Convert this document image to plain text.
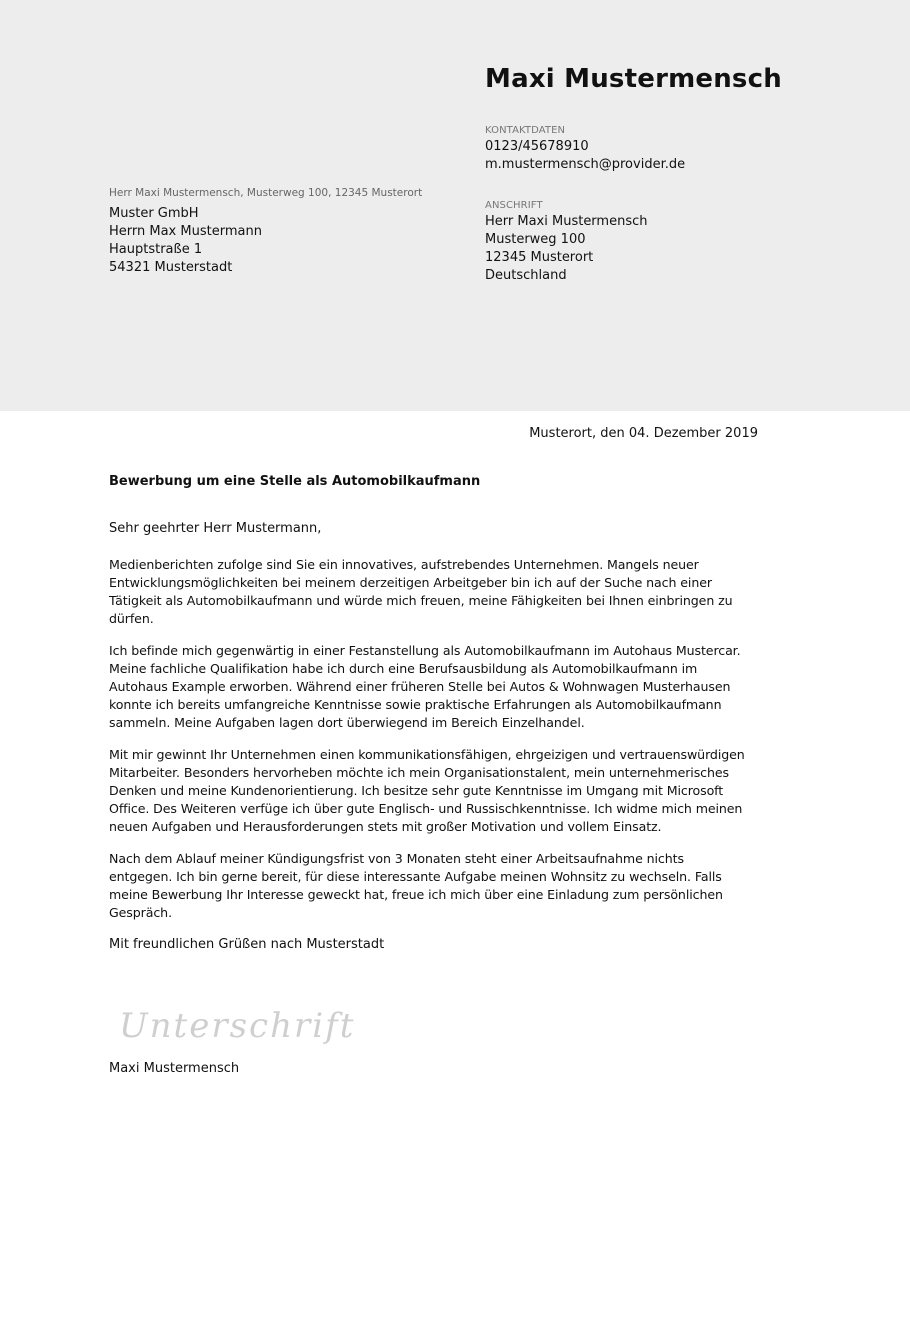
Maxi Mustermensch
KONTAKTDATEN
0123/45678910
m.mustermensch@provider.de
ANSCHRIFT
Herr Maxi Mustermensch
Musterweg 100
12345 Musterort
Deutschland
Herr Maxi Mustermensch, Musterweg 100, 12345 Musterort
Muster GmbH
Herrn Max Mustermann
Hauptstraße 1
54321 Musterstadt
Musterort, den 04. Dezember 2019
Bewerbung um eine Stelle als Automobilkaufmann

Sehr geehrter Herr Mustermann,

Medienberichten zufolge sind Sie ein innovatives, aufstrebendes Unternehmen. Mangels neuer Entwicklungsmöglichkeiten bei meinem derzeitigen Arbeitgeber bin ich auf der Suche nach einer Tätigkeit als Automobilkaufmann und würde mich freuen, meine Fähigkeiten bei Ihnen einbringen zu dürfen.

Ich befinde mich gegenwärtig in einer Festanstellung als Automobilkaufmann im Autohaus Mustercar. Meine fachliche Qualifikation habe ich durch eine Berufsausbildung als Automobilkaufmann im Autohaus Example erworben. Während einer früheren Stelle bei Autos & Wohnwagen Musterhausen konnte ich bereits umfangreiche Kenntnisse sowie praktische Erfahrungen als Automobilkaufmann sammeln. Meine Aufgaben lagen dort überwiegend im Bereich Einzelhandel.

Mit mir gewinnt Ihr Unternehmen einen kommunikationsfähigen, ehrgeizigen und vertrauenswürdigen Mitarbeiter. Besonders hervorheben möchte ich mein Organisationstalent, mein unternehmerisches Denken und meine Kundenorientierung. Ich besitze sehr gute Kenntnisse im Umgang mit Microsoft Office. Des Weiteren verfüge ich über gute Englisch- und Russischkenntnisse. Ich widme mich meinen neuen Aufgaben und Herausforderungen stets mit großer Motivation und vollem Einsatz.

Nach dem Ablauf meiner Kündigungsfrist von 3 Monaten steht einer Arbeitsaufnahme nichts entgegen. Ich bin gerne bereit, für diese interessante Aufgabe meinen Wohnsitz zu wechseln. Falls meine Bewerbung Ihr Interesse geweckt hat, freue ich mich über eine Einladung zum persönlichen Gespräch.

Mit freundlichen Grüßen nach Musterstadt

Unterschrift
Maxi Mustermensch
